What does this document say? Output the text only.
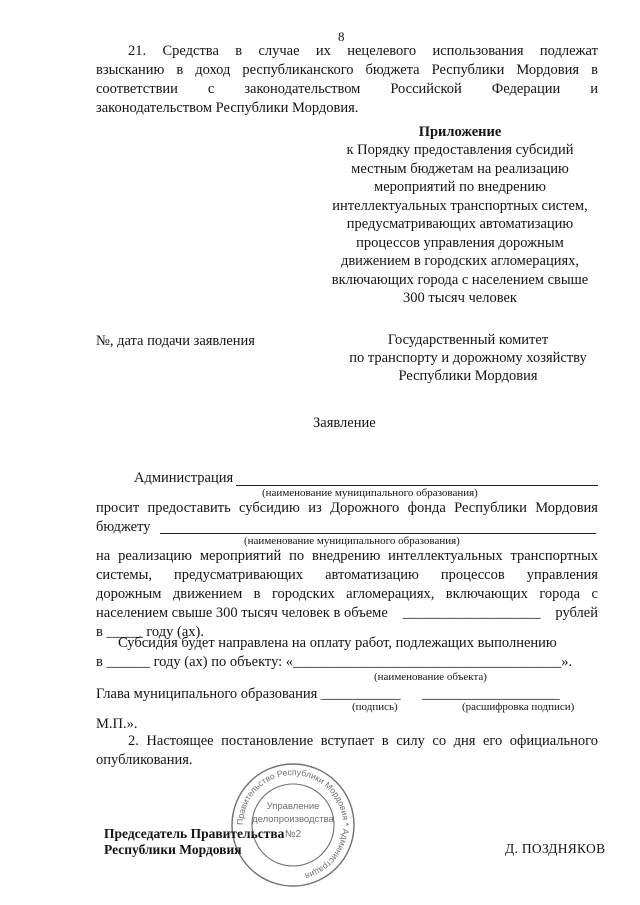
8
21. Средства в случае их нецелевого использования подлежат
взысканию в доход республиканского бюджета Республики Мордовия в
соответствии с законодательством Российской Федерации и
законодательством Республики Мордовия.
Приложение
к Порядку предоставления субсидий
местным бюджетам на реализацию
мероприятий по внедрению
интеллектуальных транспортных систем,
предусматривающих автоматизацию
процессов управления дорожным
движением в городских агломерациях,
включающих города с населением свыше
300 тысяч человек
№, дата подачи заявления	Государственный комитет
по транспорту и дорожному хозяйству
Республики Мордовия
Заявление
Администрация
(наименование муниципального образования)
просит предоставить субсидию из Дорожного фонда Республики Мордовия
бюджету
(наименование муниципального образования)
на реализацию мероприятий по внедрению интеллектуальных транспортных
системы, предусматривающих автоматизацию процессов управления
дорожным движением в городских агломерациях, включающих города с
населением свыше 300 тысяч человек в объеме ___________________ рублей
в _____ году (ах).
Субсидия будет направлена на оплату работ, подлежащих выполнению
в ______ году (ах) по объекту: «_____________________________________».
(наименование объекта)
Глава муниципального образования ___________ ___________________
(подпись)	(расшифровка подписи)
М.П.».
2. Настоящее постановление вступает в силу со дня его официального
опубликования.
Правительство Республики Мордовия * Администрация
Управление
делопроизводства
№2
Председатель Правительства
Республики Мордовия	Д. ПОЗДНЯКОВ
